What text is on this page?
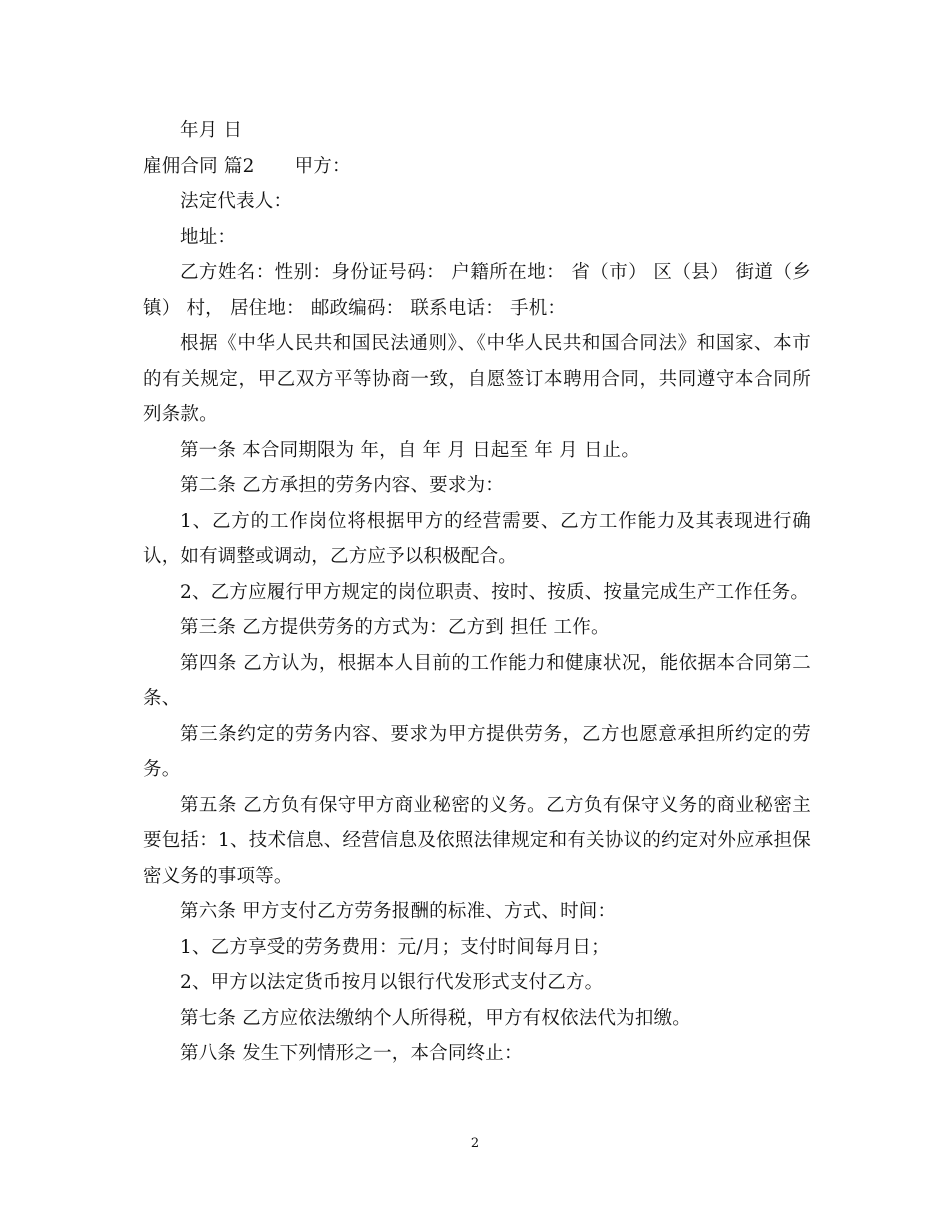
年月 日

雇佣合同 篇2 甲方：

法定代表人：

地址：

乙方姓名：性别：身份证号码： 户籍所在地： 省（市） 区（县） 街道（乡镇） 村， 居住地： 邮政编码： 联系电话： 手机：

根据《中华人民共和国民法通则》、《中华人民共和国合同法》和国家、本市的有关规定，甲乙双方平等协商一致，自愿签订本聘用合同，共同遵守本合同所列条款。

第一条 本合同期限为 年，自 年 月 日起至 年 月 日止。

第二条 乙方承担的劳务内容、要求为：

1、乙方的工作岗位将根据甲方的经营需要、乙方工作能力及其表现进行确认，如有调整或调动，乙方应予以积极配合。

2、乙方应履行甲方规定的岗位职责、按时、按质、按量完成生产工作任务。

第三条 乙方提供劳务的方式为：乙方到 担任 工作。

第四条 乙方认为，根据本人目前的工作能力和健康状况，能依据本合同第二条、

第三条约定的劳务内容、要求为甲方提供劳务，乙方也愿意承担所约定的劳务。

第五条 乙方负有保守甲方商业秘密的义务。乙方负有保守义务的商业秘密主要包括：1、技术信息、经营信息及依照法律规定和有关协议的约定对外应承担保密义务的事项等。

第六条 甲方支付乙方劳务报酬的标准、方式、时间：

1、乙方享受的劳务费用：元/月；支付时间每月日；

2、甲方以法定货币按月以银行代发形式支付乙方。

第七条 乙方应依法缴纳个人所得税，甲方有权依法代为扣缴。

第八条 发生下列情形之一，本合同终止：

2
